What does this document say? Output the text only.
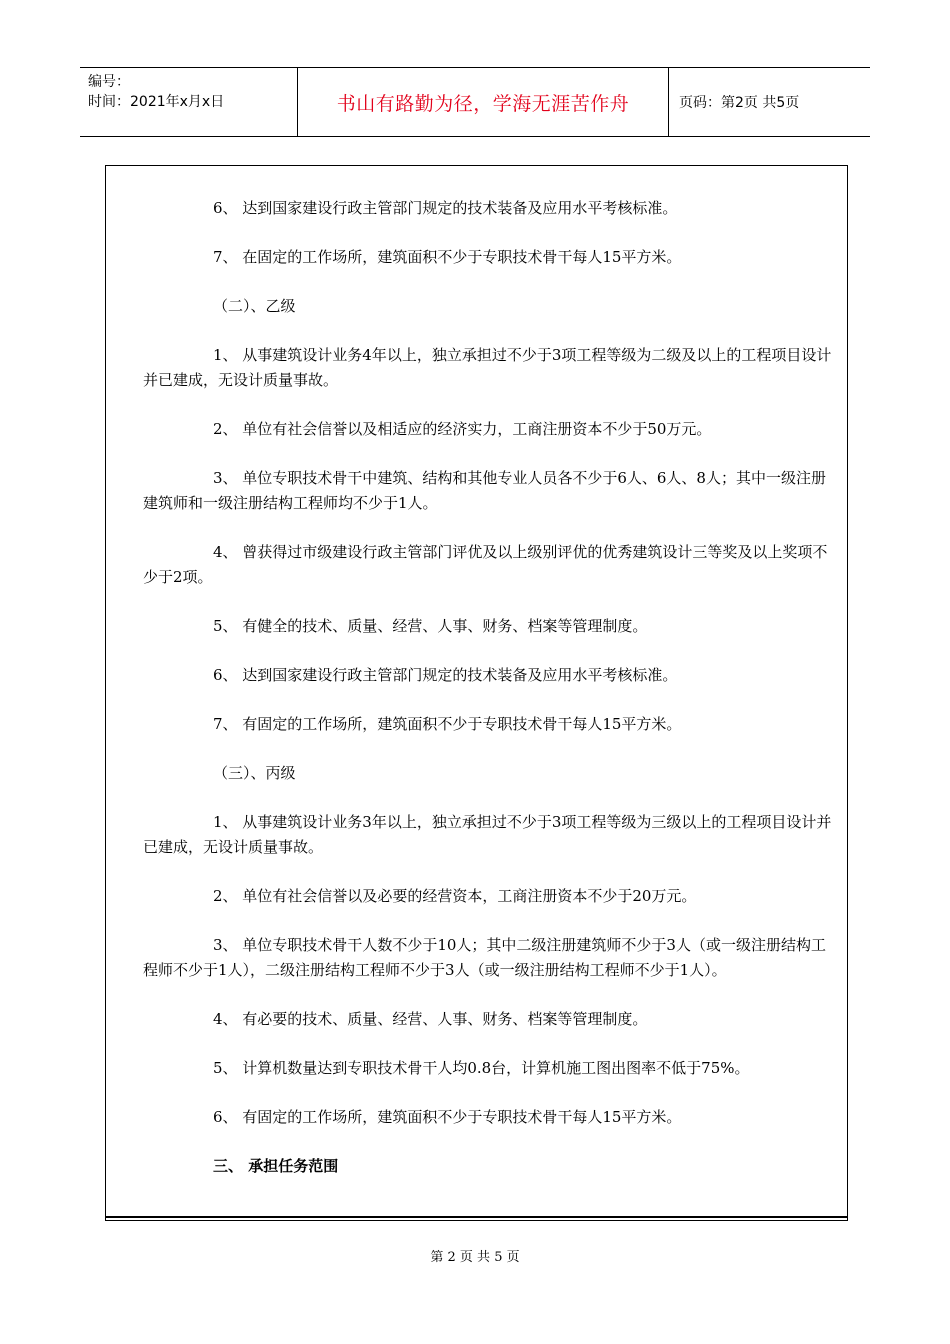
编号：
时间：2021年x月x日	书山有路勤为径，学海无涯苦作舟	页码：第2页 共5页

6、 达到国家建设行政主管部门规定的技术装备及应用水平考核标准。

7、 在固定的工作场所，建筑面积不少于专职技术骨干每人15平方米。

（二）、乙级

1、 从事建筑设计业务4年以上，独立承担过不少于3项工程等级为二级及以上的工程项目设计并已建成，无设计质量事故。

2、 单位有社会信誉以及相适应的经济实力，工商注册资本不少于50万元。

3、 单位专职技术骨干中建筑、结构和其他专业人员各不少于6人、6人、8人；其中一级注册建筑师和一级注册结构工程师均不少于1人。

4、 曾获得过市级建设行政主管部门评优及以上级别评优的优秀建筑设计三等奖及以上奖项不少于2项。

5、 有健全的技术、质量、经营、人事、财务、档案等管理制度。

6、 达到国家建设行政主管部门规定的技术装备及应用水平考核标准。

7、 有固定的工作场所，建筑面积不少于专职技术骨干每人15平方米。

（三）、丙级

1、 从事建筑设计业务3年以上，独立承担过不少于3项工程等级为三级以上的工程项目设计并已建成，无设计质量事故。

2、 单位有社会信誉以及必要的经营资本，工商注册资本不少于20万元。

3、 单位专职技术骨干人数不少于10人；其中二级注册建筑师不少于3人（或一级注册结构工程师不少于1人），二级注册结构工程师不少于3人（或一级注册结构工程师不少于1人）。

4、 有必要的技术、质量、经营、人事、财务、档案等管理制度。

5、 计算机数量达到专职技术骨干人均0.8台，计算机施工图出图率不低于75%。

6、 有固定的工作场所，建筑面积不少于专职技术骨干每人15平方米。

三、 承担任务范围

第 2 页 共 5 页
